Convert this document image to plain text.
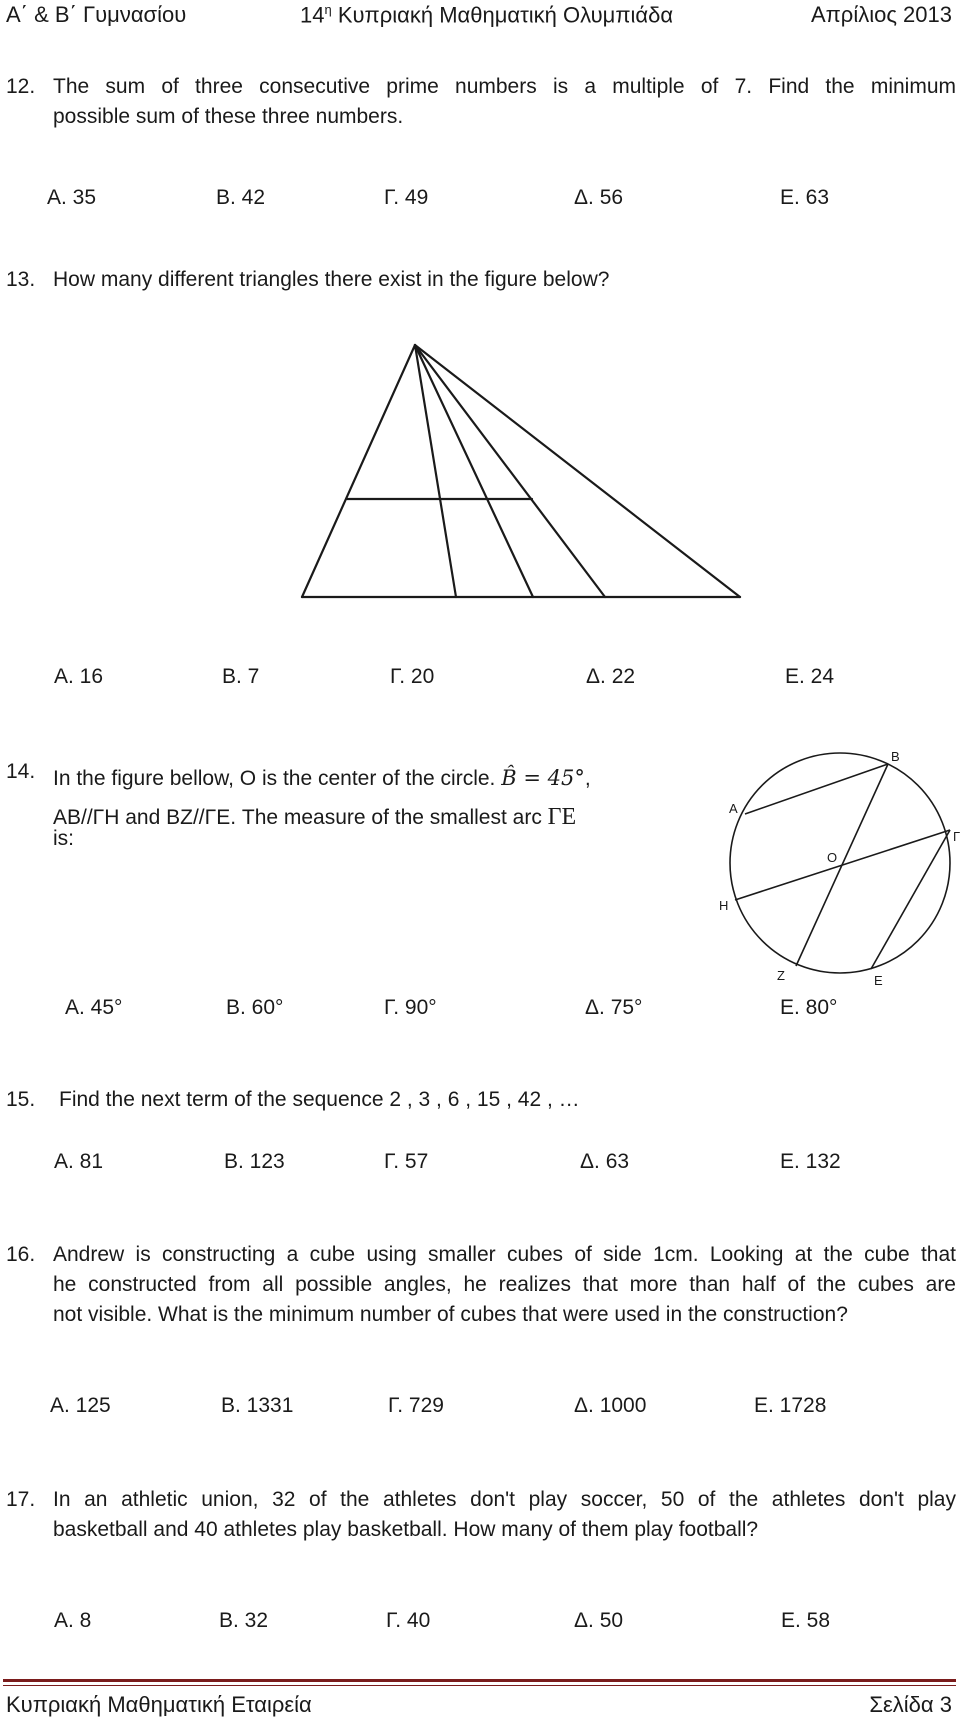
Α΄ & Β΄ Γυμνασίου	$14^\eta$ Κυπριακή Μαθηματική Ολυμπιάδα	Απρίλιος 2013
12. The sum of three consecutive prime numbers is a multiple of 7. Find the minimum
possible sum of these three numbers.
Α. 35	Β. 42	Γ. 49	Δ. 56	Ε. 63
13. How many different triangles there exist in the figure below?
Α. 16	Β. 7	Γ. 20	Δ. 22	Ε. 24
14. In the figure bellow, O is the center of the circle. B̂ = 45°,
ΑΒ//ΓΗ and ΒΖ//ΓΕ. The measure of the smallest arc ΓΕ
is:
A
B
Γ
H
O
Z	E
Α. 45°	Β. 60°	Γ. 90°	Δ. 75°	Ε. 80°
15. Find the next term of the sequence 2 , 3 , 6 , 15 , 42 , …
Α. 81	Β. 123	Γ. 57	Δ. 63	Ε. 132
16. Andrew is constructing a cube using smaller cubes of side 1cm. Looking at the cube that
he constructed from all possible angles, he realizes that more than half of the cubes are
not visible. What is the minimum number of cubes that were used in the construction?
Α. 125	Β. 1331	Γ. 729	Δ. 1000	Ε. 1728
17. In an athletic union, 32 of the athletes don't play soccer, 50 of the athletes don't play
basketball and 40 athletes play basketball. How many of them play football?
Α. 8	Β. 32	Γ. 40	Δ. 50	Ε. 58
Κυπριακή Μαθηματική Εταιρεία	Σελίδα 3
